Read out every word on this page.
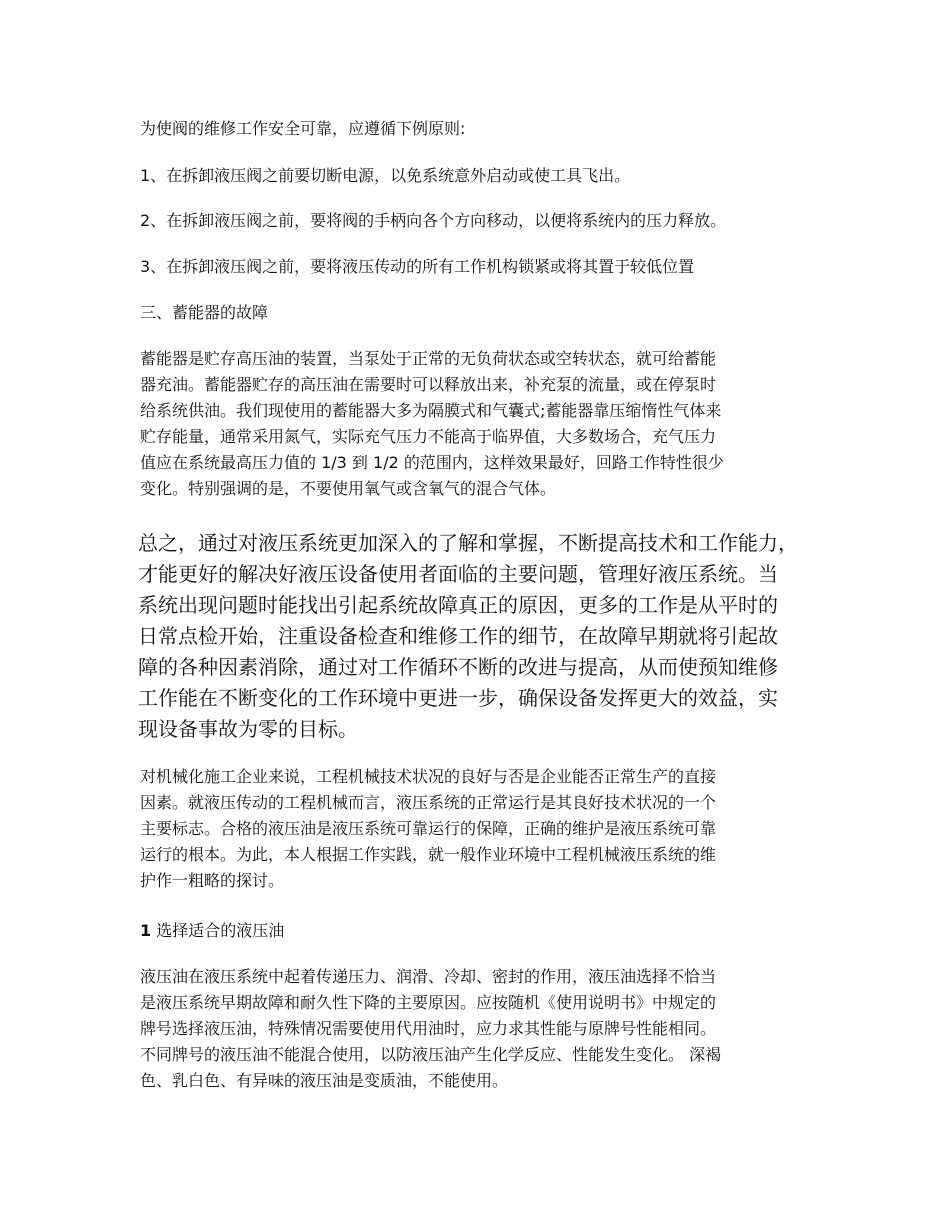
为使阀的维修工作安全可靠，应遵循下例原则:

1、在拆卸液压阀之前要切断电源，以免系统意外启动或使工具飞出。

2、在拆卸液压阀之前，要将阀的手柄向各个方向移动，以便将系统内的压力释放。

3、在拆卸液压阀之前，要将液压传动的所有工作机构锁紧或将其置于较低位置

三、蓄能器的故障

蓄能器是贮存高压油的装置，当泵处于正常的无负荷状态或空转状态，就可给蓄能
器充油。蓄能器贮存的高压油在需要时可以释放出来，补充泵的流量，或在停泵时
给系统供油。我们现使用的蓄能器大多为隔膜式和气囊式;蓄能器靠压缩惰性气体来
贮存能量，通常采用氮气，实际充气压力不能高于临界值，大多数场合，充气压力
值应在系统最高压力值的 1/3 到 1/2 的范围内，这样效果最好，回路工作特性很少
变化。特别强调的是，不要使用氧气或含氧气的混合气体。
总之，通过对液压系统更加深入的了解和掌握，不断提高技术和工作能力，
才能更好的解决好液压设备使用者面临的主要问题，管理好液压系统。当
系统出现问题时能找出引起系统故障真正的原因，更多的工作是从平时的
日常点检开始，注重设备检查和维修工作的细节，在故障早期就将引起故
障的各种因素消除，通过对工作循环不断的改进与提高，从而使预知维修
工作能在不断变化的工作环境中更进一步，确保设备发挥更大的效益，实
现设备事故为零的目标。
对机械化施工企业来说，工程机械技术状况的良好与否是企业能否正常生产的直接
因素。就液压传动的工程机械而言，液压系统的正常运行是其良好技术状况的一个
主要标志。合格的液压油是液压系统可靠运行的保障，正确的维护是液压系统可靠
运行的根本。为此，本人根据工作实践，就一般作业环境中工程机械液压系统的维
护作一粗略的探讨。

1 选择适合的液压油

液压油在液压系统中起着传递压力、润滑、冷却、密封的作用，液压油选择不恰当
是液压系统早期故障和耐久性下降的主要原因。应按随机《使用说明书》中规定的
牌号选择液压油，特殊情况需要使用代用油时，应力求其性能与原牌号性能相同。
不同牌号的液压油不能混合使用，以防液压油产生化学反应、性能发生变化。 深褐
色、乳白色、有异味的液压油是变质油，不能使用。
